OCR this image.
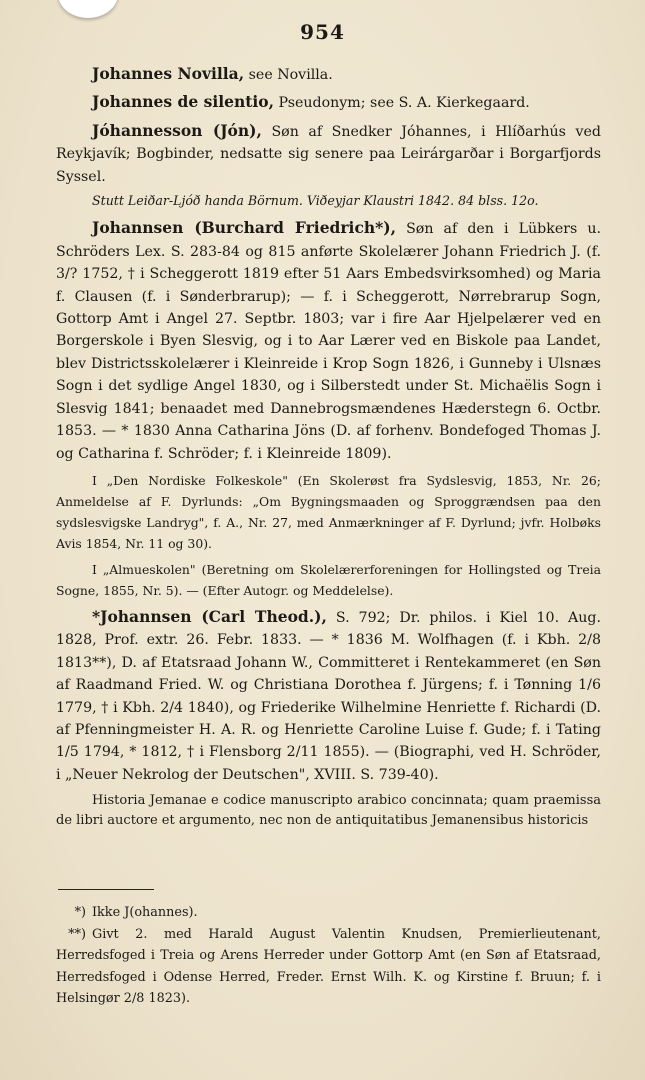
954

Johannes Novilla, see Novilla.

Johannes de silentio, Pseudonym; see S. A. Kierkegaard.

Jóhannesson (Jón), Søn af Snedker Jóhannes, i Hlíðarhús ved Reykjavík; Bogbinder, nedsatte sig senere paa Leirárgarðar i Borgarfjords Syssel.

Stutt Leiðar-Ljóð handa Börnum. Viðeyjar Klaustri 1842. 84 blss. 12o.

Johannsen (Burchard Friedrich*), Søn af den i Lübkers u. Schröders Lex. S. 283-84 og 815 anførte Skolelærer Johann Friedrich J. (f. 3/? 1752, † i Scheggerott 1819 efter 51 Aars Embedsvirksomhed) og Maria f. Clausen (f. i Sønderbrarup); — f. i Scheggerott, Nørrebrarup Sogn, Gottorp Amt i Angel 27. Septbr. 1803; var i fire Aar Hjelpelærer ved en Borgerskole i Byen Slesvig, og i to Aar Lærer ved en Biskole paa Landet, blev Districtsskolelærer i Kleinreide i Krop Sogn 1826, i Gunneby i Ulsnæs Sogn i det sydlige Angel 1830, og i Silberstedt under St. Michaëlis Sogn i Slesvig 1841; benaadet med Dannebrogsmændenes Hæderstegn 6. Octbr. 1853. — * 1830 Anna Catharina Jöns (D. af forhenv. Bondefoged Thomas J. og Catharina f. Schröder; f. i Kleinreide 1809).

I „Den Nordiske Folkeskole" (En Skolerøst fra Sydslesvig, 1853, Nr. 26; Anmeldelse af F. Dyrlunds: „Om Bygningsmaaden og Sproggrændsen paa den sydslesvigske Landryg", f. A., Nr. 27, med Anmærkninger af F. Dyrlund; jvfr. Holbøks Avis 1854, Nr. 11 og 30).

I „Almueskolen" (Beretning om Skolelærerforeningen for Hollingsted og Treia Sogne, 1855, Nr. 5). — (Efter Autogr. og Meddelelse).

*Johannsen (Carl Theod.), S. 792; Dr. philos. i Kiel 10. Aug. 1828, Prof. extr. 26. Febr. 1833. — * 1836 M. Wolfhagen (f. i Kbh. 2/8 1813**), D. af Etatsraad Johann W., Committeret i Rentekammeret (en Søn af Raadmand Fried. W. og Christiana Dorothea f. Jürgens; f. i Tønning 1/6 1779, † i Kbh. 2/4 1840), og Friederike Wilhelmine Henriette f. Richardi (D. af Pfenningmeister H. A. R. og Henriette Caroline Luise f. Gude; f. i Tating 1/5 1794, * 1812, † i Flensborg 2/11 1855). — (Biographi, ved H. Schröder, i „Neuer Nekrolog der Deutschen", XVIII. S. 739-40).

Historia Jemanae e codice manuscripto arabico concinnata; quam praemissa de libri auctore et argumento, nec non de antiquitatibus Jemanensibus historicis

*) Ikke J(ohannes).

**) Givt 2. med Harald August Valentin Knudsen, Premierlieutenant, Herredsfoged i Treia og Arens Herreder under Gottorp Amt (en Søn af Etatsraad, Herredsfoged i Odense Herred, Freder. Ernst Wilh. K. og Kirstine f. Bruun; f. i Helsingør 2/8 1823).
